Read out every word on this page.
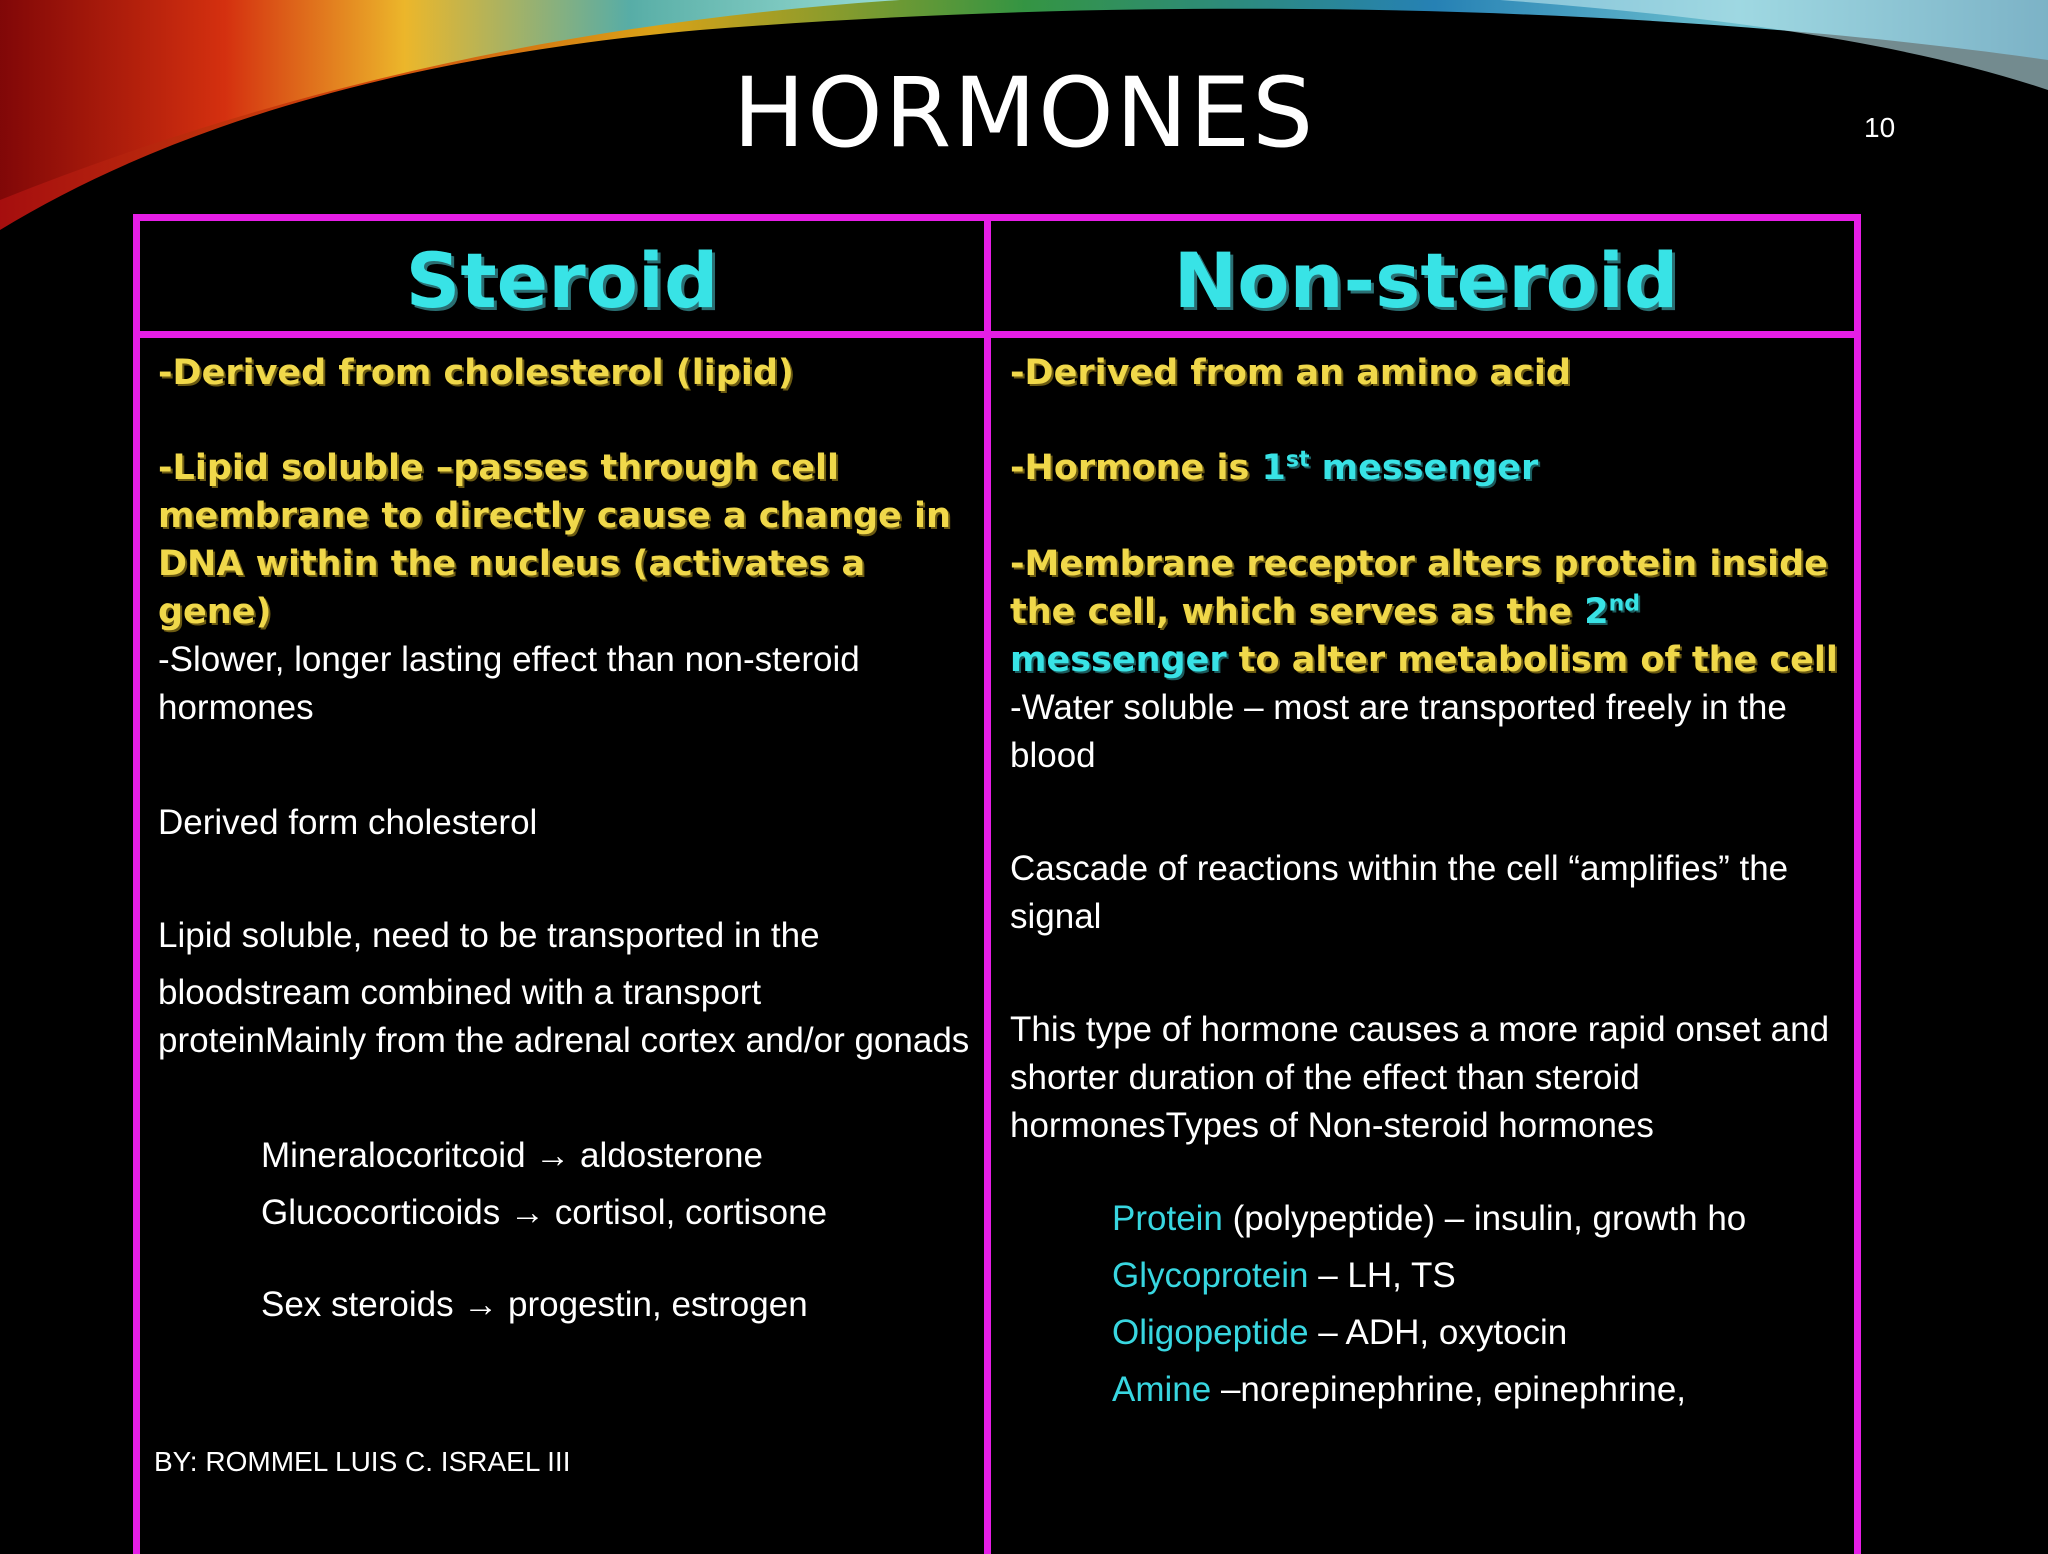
HORMONES	10
Steroid	Non-steroid
-Derived from cholesterol (lipid)
-Lipid soluble –passes through cell membrane to directly cause a change in DNA within the nucleus (activates a gene)
-Slower, longer lasting effect than non-steroid hormones
Derived form cholesterol
Lipid soluble, need to be transported in the
bloodstream combined with a transport proteinMainly from the adrenal cortex and/or gonads
Mineralocoritcoid → aldosterone
Glucocorticoids → cortisol, cortisone
Sex steroids → progestin, estrogen
-Derived from an amino acid
-Hormone is 1st messenger
-Membrane receptor alters protein inside the cell, which serves as the 2nd messenger to alter metabolism of the cell
-Water soluble – most are transported freely in the blood
Cascade of reactions within the cell “amplifies” the signal
This type of hormone causes a more rapid onset and shorter duration of the effect than steroid hormonesTypes of Non-steroid hormones
Protein (polypeptide) – insulin, growth ho
Glycoprotein – LH, TS
Oligopeptide – ADH, oxytocin
Amine –norepinephrine, epinephrine,
BY: ROMMEL LUIS C. ISRAEL III
